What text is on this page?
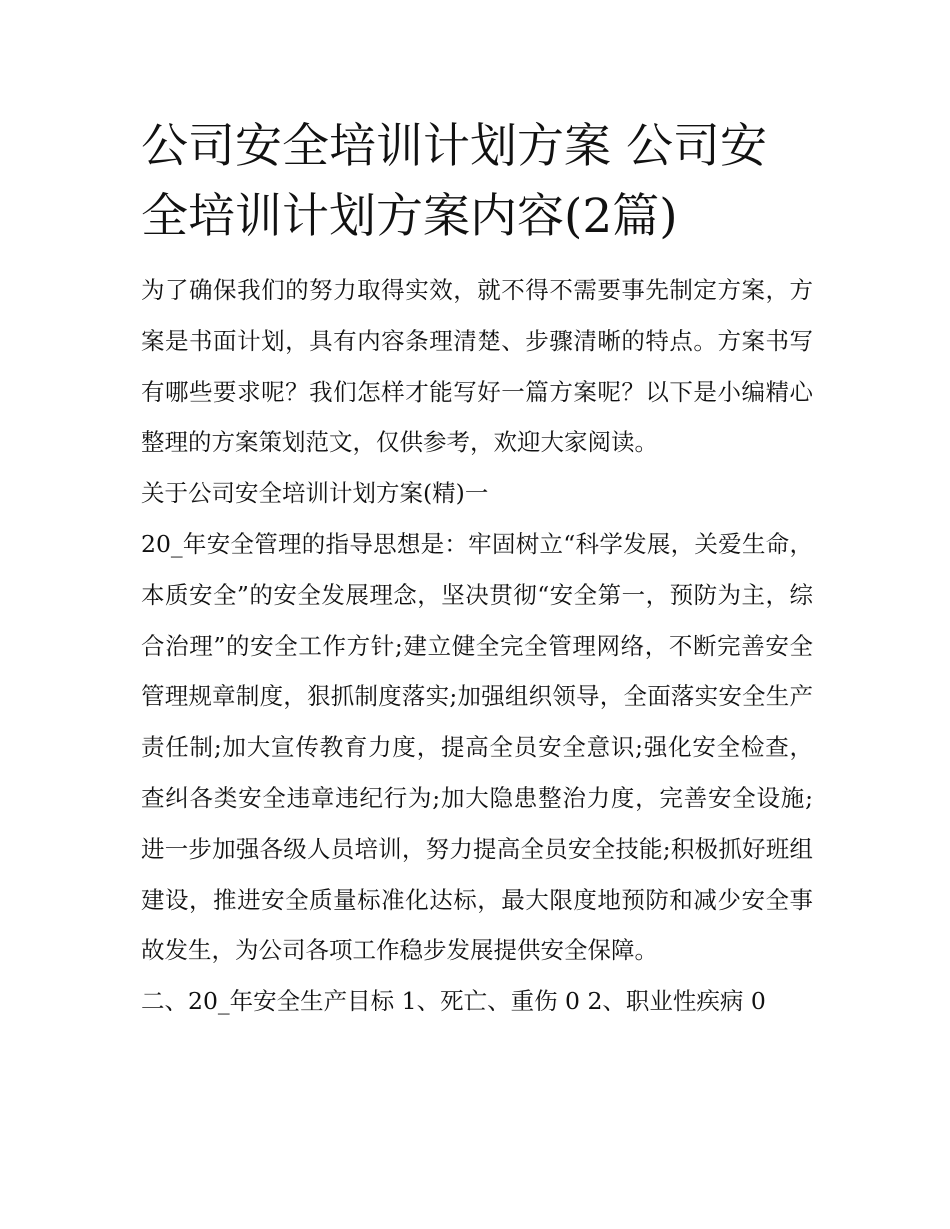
公司安全培训计划方案 公司安全培训计划方案内容(2篇)

为了确保我们的努力取得实效，就不得不需要事先制定方案，方案是书面计划，具有内容条理清楚、步骤清晰的特点。方案书写有哪些要求呢？我们怎样才能写好一篇方案呢？以下是小编精心整理的方案策划范文，仅供参考，欢迎大家阅读。

关于公司安全培训计划方案(精)一

20_年安全管理的指导思想是：牢固树立“科学发展，关爱生命，本质安全”的安全发展理念，坚决贯彻“安全第一，预防为主，综合治理”的安全工作方针;建立健全完全管理网络，不断完善安全管理规章制度，狠抓制度落实;加强组织领导，全面落实安全生产责任制;加大宣传教育力度，提高全员安全意识;强化安全检查，查纠各类安全违章违纪行为;加大隐患整治力度，完善安全设施;进一步加强各级人员培训，努力提高全员安全技能;积极抓好班组建设，推进安全质量标准化达标，最大限度地预防和减少安全事故发生，为公司各项工作稳步发展提供安全保障。

二、20_年安全生产目标 1、死亡、重伤 0 2、职业性疾病 0
